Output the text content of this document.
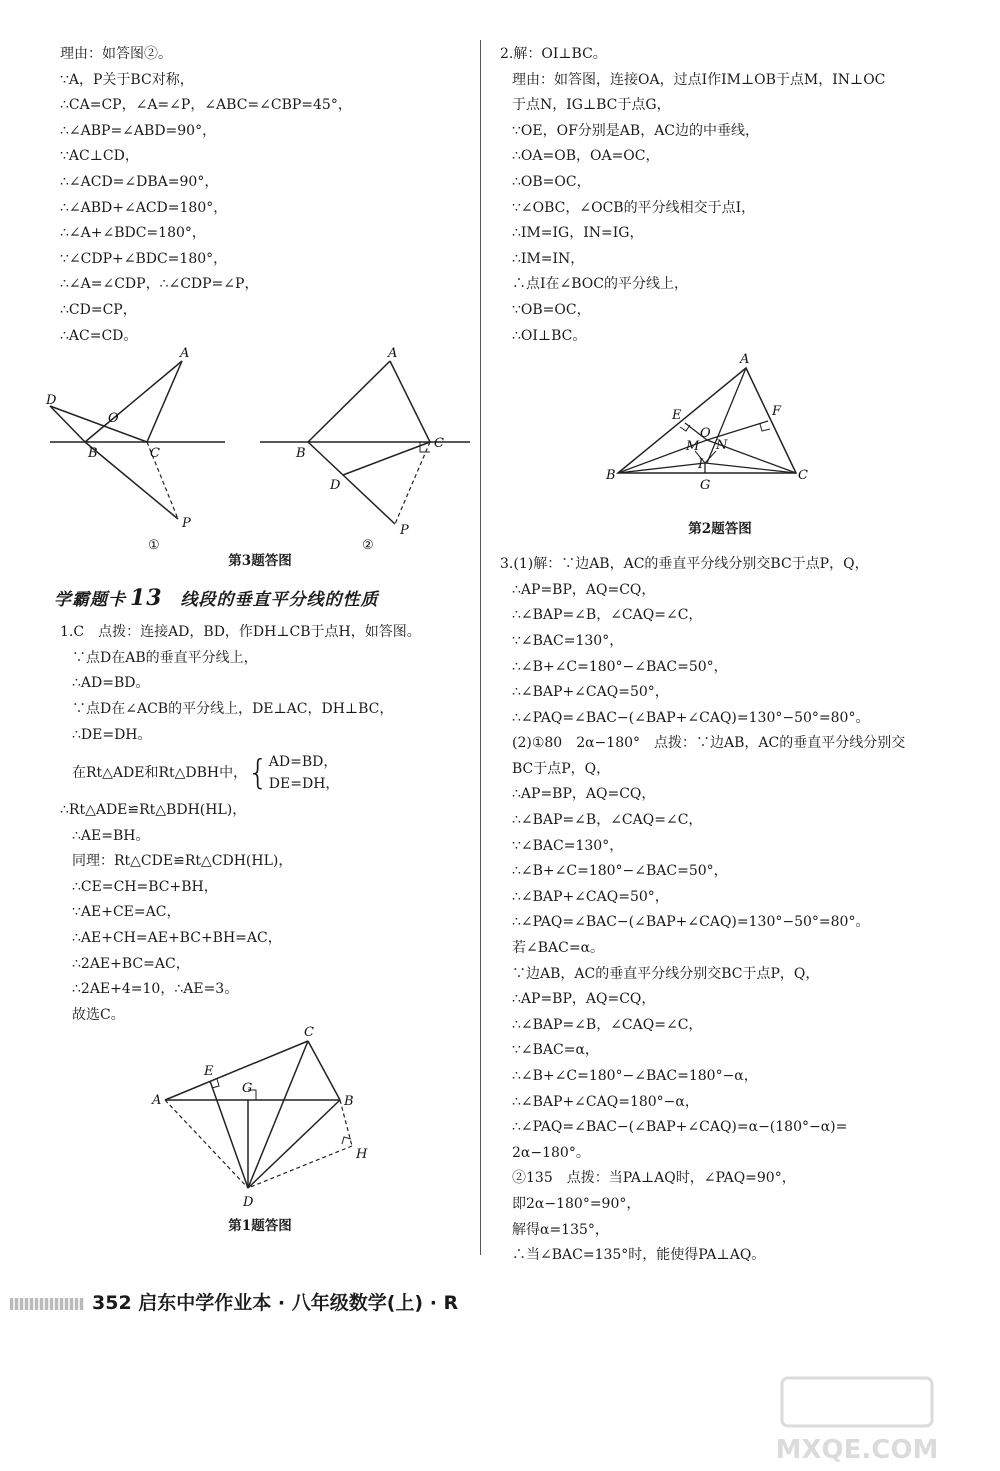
理由：如答图②。
∵A，P关于BC对称，
∴CA=CP，∠A=∠P，∠ABC=∠CBP=45°，
∴∠ABP=∠ABD=90°，
∵AC⊥CD，
∴∠ACD=∠DBA=90°，
∴∠ABD+∠ACD=180°，
∴∠A+∠BDC=180°，
∵∠CDP+∠BDC=180°，
∴∠A=∠CDP，∴∠CDP=∠P，
∴CD=CP，
∴AC=CD。
A
D
O
B	C
P
①
A
B
C
D
P
②
第3题答图
学霸题卡 13 线段的垂直平分线的性质
1.C　点拨：连接AD，BD，作DH⊥CB于点H，如答图。
∵点D在AB的垂直平分线上，
∴AD=BD。
∵点D在∠ACB的平分线上，DE⊥AC，DH⊥BC，
∴DE=DH。
在Rt△ADE和Rt△DBH中，{AD=BD，
DE=DH，
∴Rt△ADE≌Rt△BDH(HL)，
∴AE=BH。
同理：Rt△CDE≌Rt△CDH(HL)，
∴CE=CH=BC+BH，
∵AE+CE=AC，
∴AE+CH=AE+BC+BH=AC，
∴2AE+BC=AC，
∴2AE+4=10，∴AE=3。
故选C。
C
E
G
A	B
H
D
第1题答图
2.解：OI⊥BC。
理由：如答图，连接OA，过点I作IM⊥OB于点M，IN⊥OC
于点N，IG⊥BC于点G，
∵OE，OF分别是AB，AC边的中垂线，
∴OA=OB，OA=OC，
∴OB=OC，
∵∠OBC，∠OCB的平分线相交于点I，
∴IM=IG，IN=IG，
∴IM=IN，
∴点I在∠BOC的平分线上，
∵OB=OC，
∴OI⊥BC。
A
E	F
O
M N
I
B
G
C
第2题答图
3.(1)解：∵边AB，AC的垂直平分线分别交BC于点P，Q，
∴AP=BP，AQ=CQ，
∴∠BAP=∠B，∠CAQ=∠C，
∵∠BAC=130°，
∴∠B+∠C=180°−∠BAC=50°，
∴∠BAP+∠CAQ=50°，
∴∠PAQ=∠BAC−(∠BAP+∠CAQ)=130°−50°=80°。
(2)①80　2α−180°　点拨：∵边AB，AC的垂直平分线分别交
BC于点P，Q，
∴AP=BP，AQ=CQ，
∴∠BAP=∠B，∠CAQ=∠C，
∵∠BAC=130°，
∴∠B+∠C=180°−∠BAC=50°，
∴∠BAP+∠CAQ=50°，
∴∠PAQ=∠BAC−(∠BAP+∠CAQ)=130°−50°=80°。
若∠BAC=α。
∵边AB，AC的垂直平分线分别交BC于点P，Q，
∴AP=BP，AQ=CQ，
∴∠BAP=∠B，∠CAQ=∠C，
∵∠BAC=α，
∴∠B+∠C=180°−∠BAC=180°−α，
∴∠BAP+∠CAQ=180°−α，
∴∠PAQ=∠BAC−(∠BAP+∠CAQ)=α−(180°−α)=
2α−180°。
②135　点拨：当PA⊥AQ时，∠PAQ=90°，
即2α−180°=90°，
解得α=135°，
∴当∠BAC=135°时，能使得PA⊥AQ。
352 启东中学作业本 · 八年级数学(上) · R
MXQE.COM
